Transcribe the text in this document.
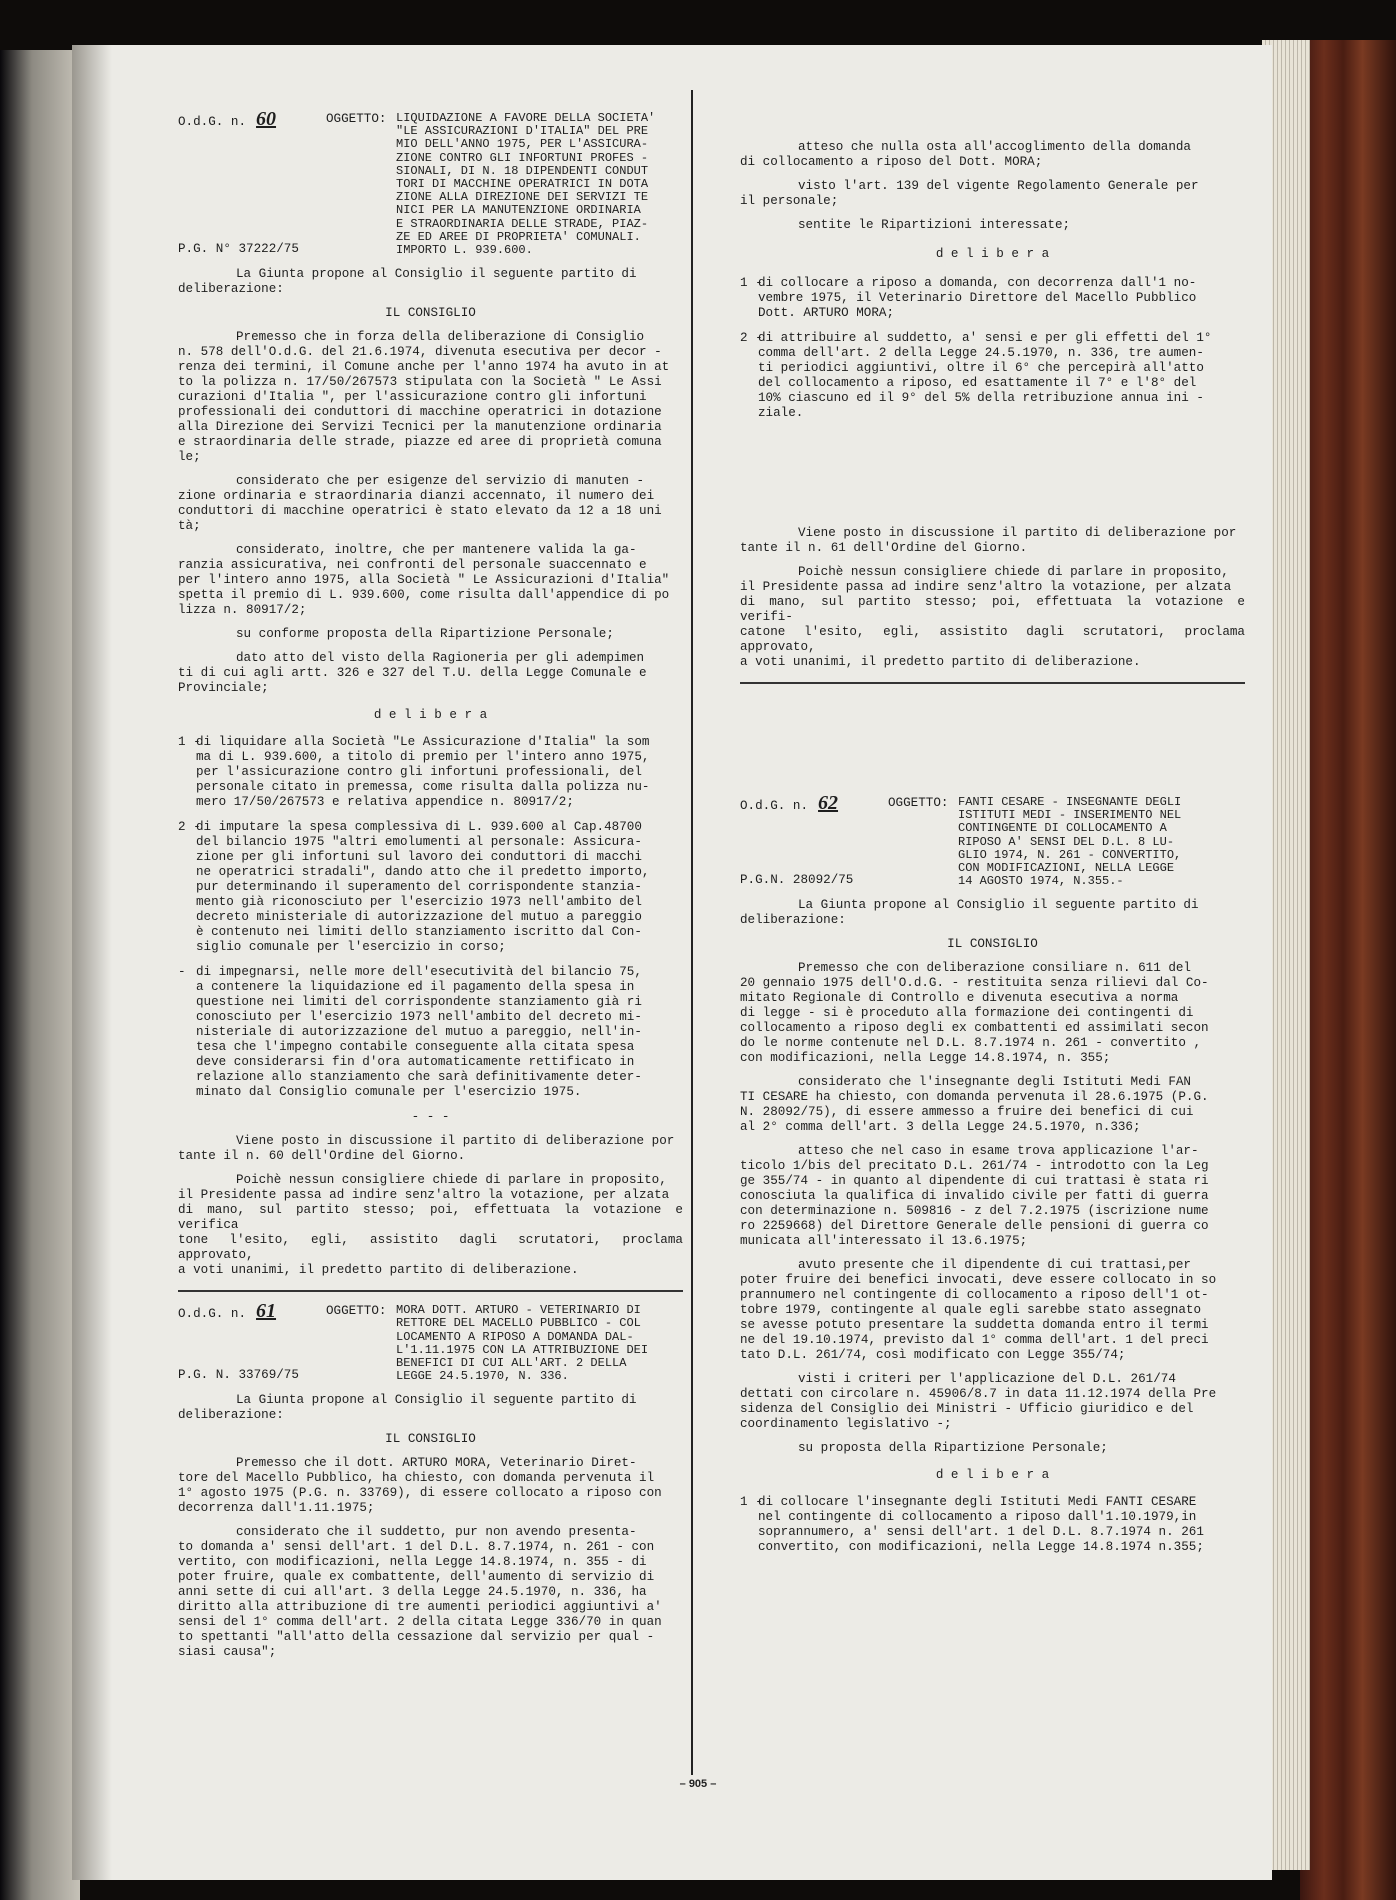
O.d.G. n. 60	OGGETTO: LIQUIDAZIONE A FAVORE DELLA SOCIETA'
"LE ASSICURAZIONI D'ITALIA" DEL PRE
MIO DELL'ANNO 1975, PER L'ASSICURA-
ZIONE CONTRO GLI INFORTUNI PROFES -
SIONALI, DI N. 18 DIPENDENTI CONDUT
TORI DI MACCHINE OPERATRICI IN DOTA
ZIONE ALLA DIREZIONE DEI SERVIZI TE
NICI PER LA MANUTENZIONE ORDINARIA
E STRAORDINARIA DELLE STRADE, PIAZ-
ZE ED AREE DI PROPRIETA' COMUNALI.
IMPORTO L. 939.600.
P.G. N° 37222/75

La Giunta propone al Consiglio il seguente partito di
deliberazione:

IL CONSIGLIO

Premesso che in forza della deliberazione di Consiglio
n. 578 dell'O.d.G. del 21.6.1974, divenuta esecutiva per decor -
renza dei termini, il Comune anche per l'anno 1974 ha avuto in at
to la polizza n. 17/50/267573 stipulata con la Società " Le Assi
curazioni d'Italia ", per l'assicurazione contro gli infortuni
professionali dei conduttori di macchine operatrici in dotazione
alla Direzione dei Servizi Tecnici per la manutenzione ordinaria
e straordinaria delle strade, piazze ed aree di proprietà comuna
le;

considerato che per esigenze del servizio di manuten -
zione ordinaria e straordinaria dianzi accennato, il numero dei
conduttori di macchine operatrici è stato elevato da 12 a 18 uni
tà;

considerato, inoltre, che per mantenere valida la ga-
ranzia assicurativa, nei confronti del personale suaccennato e
per l'intero anno 1975, alla Società " Le Assicurazioni d'Italia"
spetta il premio di L. 939.600, come risulta dall'appendice di po
lizza n. 80917/2;

su conforme proposta della Ripartizione Personale;

dato atto del visto della Ragioneria per gli adempimen
ti di cui agli artt. 326 e 327 del T.U. della Legge Comunale e
Provinciale;

d e l i b e r a

1 -
di liquidare alla Società "Le Assicurazione d'Italia" la som
ma di L. 939.600, a titolo di premio per l'intero anno 1975,
per l'assicurazione contro gli infortuni professionali, del
personale citato in premessa, come risulta dalla polizza nu-
mero 17/50/267573 e relativa appendice n. 80917/2;
2 -
di imputare la spesa complessiva di L. 939.600 al Cap.48700
del bilancio 1975 "altri emolumenti al personale: Assicura-
zione per gli infortuni sul lavoro dei conduttori di macchi
ne operatrici stradali", dando atto che il predetto importo,
pur determinando il superamento del corrispondente stanzia-
mento già riconosciuto per l'esercizio 1973 nell'ambito del
decreto ministeriale di autorizzazione del mutuo a pareggio
è contenuto nei limiti dello stanziamento iscritto dal Con-
siglio comunale per l'esercizio in corso;
- di impegnarsi, nelle more dell'esecutività del bilancio 75,
a contenere la liquidazione ed il pagamento della spesa in
questione nei limiti del corrispondente stanziamento già ri
conosciuto per l'esercizio 1973 nell'ambito del decreto mi-
nisteriale di autorizzazione del mutuo a pareggio, nell'in-
tesa che l'impegno contabile conseguente alla citata spesa
deve considerarsi fin d'ora automaticamente rettificato in
relazione allo stanziamento che sarà definitivamente deter-
minato dal Consiglio comunale per l'esercizio 1975.

- - -

Viene posto in discussione il partito di deliberazione por
tante il n. 60 dell'Ordine del Giorno.

Poichè nessun consigliere chiede di parlare in proposito,
il Presidente passa ad indire senz'altro la votazione, per alzata
di mano, sul partito stesso; poi, effettuata la votazione e verifica
tone l'esito, egli, assistito dagli scrutatori, proclama approvato,
a voti unanimi, il predetto partito di deliberazione.

O.d.G. n. 61	OGGETTO: MORA DOTT. ARTURO - VETERINARIO DI
RETTORE DEL MACELLO PUBBLICO - COL
LOCAMENTO A RIPOSO A DOMANDA DAL-
L'1.11.1975 CON LA ATTRIBUZIONE DEI
BENEFICI DI CUI ALL'ART. 2 DELLA
LEGGE 24.5.1970, N. 336.
P.G. N. 33769/75

La Giunta propone al Consiglio il seguente partito di
deliberazione:

IL CONSIGLIO

Premesso che il dott. ARTURO MORA, Veterinario Diret-
tore del Macello Pubblico, ha chiesto, con domanda pervenuta il
1° agosto 1975 (P.G. n. 33769), di essere collocato a riposo con
decorrenza dall'1.11.1975;

considerato che il suddetto, pur non avendo presenta-
to domanda a' sensi dell'art. 1 del D.L. 8.7.1974, n. 261 - con
vertito, con modificazioni, nella Legge 14.8.1974, n. 355 - di
poter fruire, quale ex combattente, dell'aumento di servizio di
anni sette di cui all'art. 3 della Legge 24.5.1970, n. 336, ha
diritto alla attribuzione di tre aumenti periodici aggiuntivi a'
sensi del 1° comma dell'art. 2 della citata Legge 336/70 in quan
to spettanti "all'atto della cessazione dal servizio per qual -
siasi causa";

atteso che nulla osta all'accoglimento della domanda
di collocamento a riposo del Dott. MORA;

visto l'art. 139 del vigente Regolamento Generale per
il personale;

sentite le Ripartizioni interessate;

d e l i b e r a

1 -
di collocare a riposo a domanda, con decorrenza dall'1 no-
vembre 1975, il Veterinario Direttore del Macello Pubblico
Dott. ARTURO MORA;
2 -
di attribuire al suddetto, a' sensi e per gli effetti del 1°
comma dell'art. 2 della Legge 24.5.1970, n. 336, tre aumen-
ti periodici aggiuntivi, oltre il 6° che percepirà all'atto
del collocamento a riposo, ed esattamente il 7° e l'8° del
10% ciascuno ed il 9° del 5% della retribuzione annua ini -
ziale.

Viene posto in discussione il partito di deliberazione por
tante il n. 61 dell'Ordine del Giorno.

Poichè nessun consigliere chiede di parlare in proposito,
il Presidente passa ad indire senz'altro la votazione, per alzata
di mano, sul partito stesso; poi, effettuata la votazione e verifi-
catone l'esito, egli, assistito dagli scrutatori, proclama approvato,
a voti unanimi, il predetto partito di deliberazione.

O.d.G. n. 62	OGGETTO: FANTI CESARE - INSEGNANTE DEGLI
ISTITUTI MEDI - INSERIMENTO NEL
CONTINGENTE DI COLLOCAMENTO A
RIPOSO A' SENSI DEL D.L. 8 LU-
GLIO 1974, N. 261 - CONVERTITO,
CON MODIFICAZIONI, NELLA LEGGE
14 AGOSTO 1974, N.355.-
P.G.N. 28092/75

La Giunta propone al Consiglio il seguente partito di
deliberazione:

IL CONSIGLIO

Premesso che con deliberazione consiliare n. 611 del
20 gennaio 1975 dell'O.d.G. - restituita senza rilievi dal Co-
mitato Regionale di Controllo e divenuta esecutiva a norma
di legge - si è proceduto alla formazione dei contingenti di
collocamento a riposo degli ex combattenti ed assimilati secon
do le norme contenute nel D.L. 8.7.1974 n. 261 - convertito ,
con modificazioni, nella Legge 14.8.1974, n. 355;

considerato che l'insegnante degli Istituti Medi FAN
TI CESARE ha chiesto, con domanda pervenuta il 28.6.1975 (P.G.
N. 28092/75), di essere ammesso a fruire dei benefici di cui
al 2° comma dell'art. 3 della Legge 24.5.1970, n.336;

atteso che nel caso in esame trova applicazione l'ar-
ticolo 1/bis del precitato D.L. 261/74 - introdotto con la Leg
ge 355/74 - in quanto al dipendente di cui trattasi è stata ri
conosciuta la qualifica di invalido civile per fatti di guerra
con determinazione n. 509816 - z del 7.2.1975 (iscrizione nume
ro 2259668) del Direttore Generale delle pensioni di guerra co
municata all'interessato il 13.6.1975;

avuto presente che il dipendente di cui trattasi,per
poter fruire dei benefici invocati, deve essere collocato in so
prannumero nel contingente di collocamento a riposo dell'1 ot-
tobre 1979, contingente al quale egli sarebbe stato assegnato
se avesse potuto presentare la suddetta domanda entro il termi
ne del 19.10.1974, previsto dal 1° comma dell'art. 1 del preci
tato D.L. 261/74, così modificato con Legge 355/74;

visti i criteri per l'applicazione del D.L. 261/74
dettati con circolare n. 45906/8.7 in data 11.12.1974 della Pre
sidenza del Consiglio dei Ministri - Ufficio giuridico e del
coordinamento legislativo -;

su proposta della Ripartizione Personale;

d e l i b e r a

1 -
di collocare l'insegnante degli Istituti Medi FANTI CESARE
nel contingente di collocamento a riposo dall'1.10.1979,in
soprannumero, a' sensi dell'art. 1 del D.L. 8.7.1974 n. 261
convertito, con modificazioni, nella Legge 14.8.1974 n.355;
– 905 –
